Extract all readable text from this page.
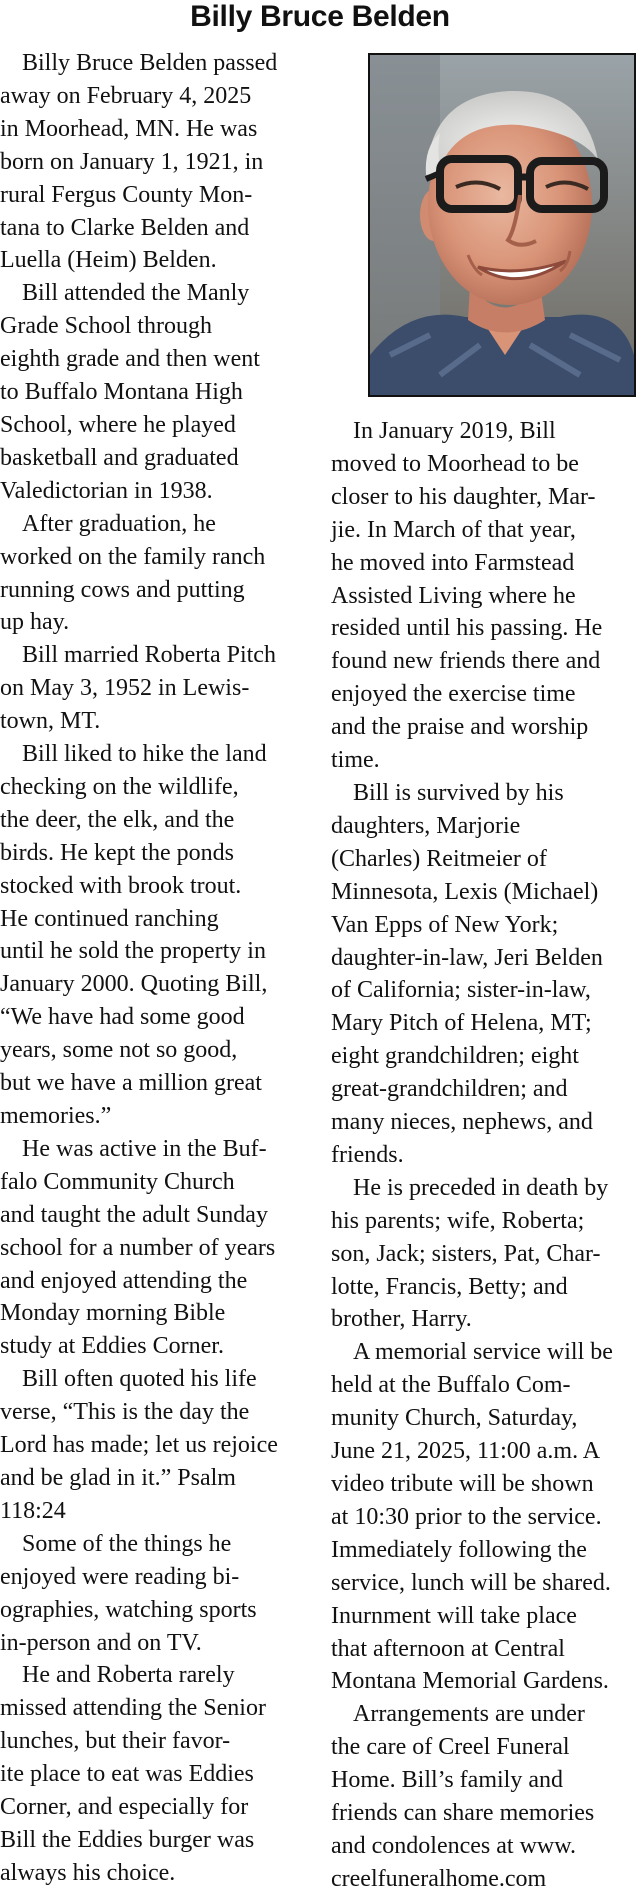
Billy Bruce Belden

Billy Bruce Belden passed
away on February 4, 2025
in Moorhead, MN. He was
born on January 1, 1921, in
rural Fergus County Mon-
tana to Clarke Belden and
Luella (Heim) Belden.

Bill attended the Manly
Grade School through
eighth grade and then went
to Buffalo Montana High
School, where he played
basketball and graduated
Valedictorian in 1938.

After graduation, he
worked on the family ranch
running cows and putting
up hay.

Bill married Roberta Pitch
on May 3, 1952 in Lewis-
town, MT.

Bill liked to hike the land
checking on the wildlife,
the deer, the elk, and the
birds. He kept the ponds
stocked with brook trout.
He continued ranching
until he sold the property in
January 2000. Quoting Bill,
“We have had some good
years, some not so good,
but we have a million great
memories.”

He was active in the Buf-
falo Community Church
and taught the adult Sunday
school for a number of years
and enjoyed attending the
Monday morning Bible
study at Eddies Corner.

Bill often quoted his life
verse, “This is the day the
Lord has made; let us rejoice
and be glad in it.” Psalm
118:24

Some of the things he
enjoyed were reading bi-
ographies, watching sports
in-person and on TV.

He and Roberta rarely
missed attending the Senior
lunches, but their favor-
ite place to eat was Eddies
Corner, and especially for
Bill the Eddies burger was
always his choice.

In January 2019, Bill
moved to Moorhead to be
closer to his daughter, Mar-
jie. In March of that year,
he moved into Farmstead
Assisted Living where he
resided until his passing. He
found new friends there and
enjoyed the exercise time
and the praise and worship
time.

Bill is survived by his
daughters, Marjorie
(Charles) Reitmeier of
Minnesota, Lexis (Michael)
Van Epps of New York;
daughter-in-law, Jeri Belden
of California; sister-in-law,
Mary Pitch of Helena, MT;
eight grandchildren; eight
great-grandchildren; and
many nieces, nephews, and
friends.

He is preceded in death by
his parents; wife, Roberta;
son, Jack; sisters, Pat, Char-
lotte, Francis, Betty; and
brother, Harry.

A memorial service will be
held at the Buffalo Com-
munity Church, Saturday,
June 21, 2025, 11:00 a.m. A
video tribute will be shown
at 10:30 prior to the service.
Immediately following the
service, lunch will be shared.
Inurnment will take place
that afternoon at Central
Montana Memorial Gardens.

Arrangements are under
the care of Creel Funeral
Home. Bill’s family and
friends can share memories
and condolences at www.
creelfuneralhome.com
